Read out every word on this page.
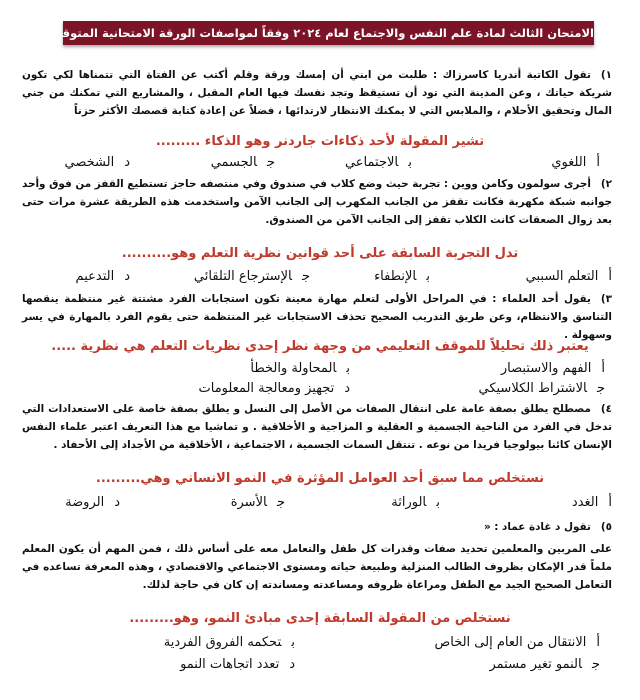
الامتحان الثالث لمادة علم النفس والاجتماع لعام ٢٠٢٤ وفقاً لمواصفات الورقة الامتحانية المتوقعة

١)تقول الكاتبة أندريا كاسرزاك : طلبت من ابني أن إمسك ورقة وقلم أكتب عن الفتاة التي تتمناها لكي تكون شريكة حياتك ، وعن المدينة التي تود أن تستيقظ وتجد نفسك فيها العام المقبل ، والمشاريع التي تمكنك من جني المال وتحقيق الأحلام ، والملابس التي لا يمكنك الانتظار لارتدائها ، فضلاً عن إعادة كتابة قصصك الأكثر حزناً

تشير المقولة لأحد ذكاءات جاردنر وهو الذكاء .........
أاللغوي
بالاجتماعي
جالجسمي
دالشخصي

٢)أجرى سولمون وكامن ووين : تجربة حيث وضع كلاب في صندوق وفي منتصفه حاجز تستطيع القفز من فوق وأحد جوانبه شبكة مكهربة فكانت تقفز من الجانب المكهرب إلى الجانب الآمن واستخدمت هذه الطريقة عشرة مرات حتى بعد زوال الصعقات كانت الكلاب تقفز إلى الجانب الآمن من الصندوق.

تدل التجربة السابقة على أحد قوانين نظرية التعلم وهو..........
أالتعلم السببي
بالإنطفاء
جالإسترجاع التلقائي
دالتدعيم

٣)يقول أحد العلماء : في المراحل الأولى لتعلم مهارة معينة تكون استجابات الفرد مشتتة غير منتظمة ينقصها التناسق والانتظام، وعن طريق التدريب الصحيح تحذف الاستجابات غير المنتظمة حتى يقوم الفرد بالمهارة في يسر وسهولة .

يعتبر ذلك تحليلاً للموقف التعليمي من وجهة نظر إحدى نظريات التعلم هي نظرية .....
أالفهم والاستبصار
بالمحاولة والخطأ
جالاشتراط الكلاسيكي
دتجهيز ومعالجة المعلومات

٤)مصطلح يطلق بصفة عامة على انتقال الصفات من الأصل إلى النسل و يطلق بصفة خاصة على الاستعدادات التي تدخل في الفرد من الناحية الجسمية و العقلية و المزاجية و الأخلاقية . و تماشيا مع هذا التعريف اعتبر علماء النفس الإنسان كائنا بيولوجيا فريدا من نوعه . تنتقل السمات الجسمية ، الاجتماعية ، الأخلاقية من الأجداد إلى الأحفاد .

نستخلص مما سبق أحد العوامل المؤثرة في النمو الانساني وهي.........
أالغدد
بالوراثة
جالأسرة
دالروضة

٥)تقول د غادة عماد : «

على المربين والمعلمين تحديد صفات وقدرات كل طفل والتعامل معه على أساس ذلك ، فمن المهم أن يكون المعلم ملماً قدر الإمكان بظروف الطالب المنزلية وطبيعة حياته ومستوى الاجتماعي والاقتصادي ، وهذه المعرفة تساعده في التعامل الصحيح الجيد مع الطفل ومراعاة ظروفه ومساعدته ومساندته إن كان في حاجة لذلك.

نستخلص من المقولة السابقة إحدى مبادئ النمو، وهو.........
أالانتقال من العام إلى الخاص
بتحكمه الفروق الفردية
جالنمو تغير مستمر
دتعدد اتجاهات النمو
